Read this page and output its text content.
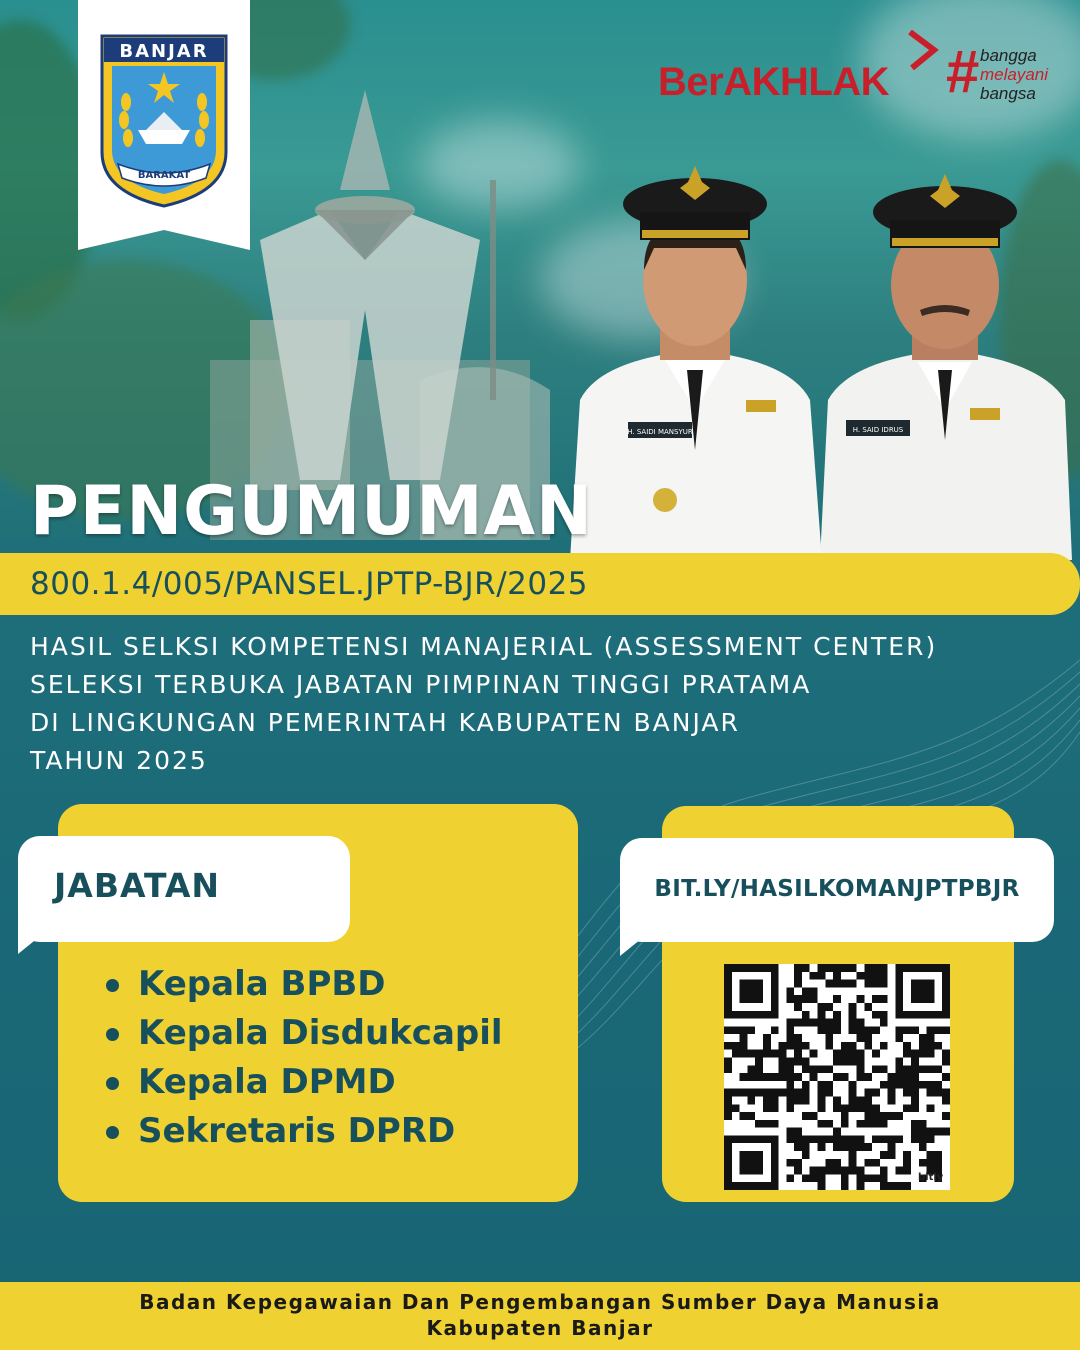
BANJAR
BARAKAT
BerAKHLAK # bangga
melayani
bangsa
H. SAIDI MANSYUR	H. SAID IDRUS
PENGUMUMAN
800.1.4/005/PANSEL.JPTP-BJR/2025
HASIL SELKSI KOMPETENSI MANAJERIAL (ASSESSMENT CENTER)
SELEKSI TERBUKA JABATAN PIMPINAN TINGGI PRATAMA
DI LINGKUNGAN PEMERINTAH KABUPATEN BANJAR
TAHUN 2025
JABATAN
Kepala BPBD
Kepala Disdukcapil
Kepala DPMD
Sekretaris DPRD
BIT.LY/HASILKOMANJPTPBJR
bitly
Badan Kepegawaian Dan Pengembangan Sumber Daya Manusia
Kabupaten Banjar
